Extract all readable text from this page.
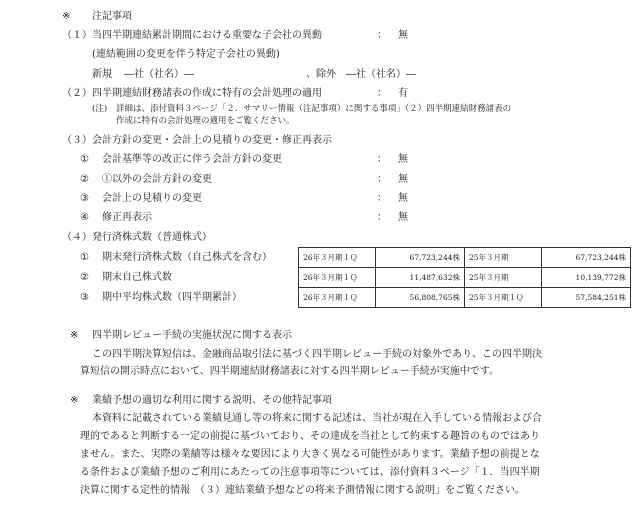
※ 注記事項
（１） 当四半期連結累計期間における重要な子会社の異動	： 無
(連結範囲の変更を伴う特定子会社の異動)
新規 ―社（社名）―	、除外 ―社（社名）―
（２） 四半期連結財務諸表の作成に特有の会計処理の適用	： 有
(注) 詳細は、添付資料３ページ「２．サマリー情報（注記事項）に関する事項」（２）四半期連結財務諸表の
作成に特有の会計処理の適用をご覧ください。
（３） 会計方針の変更・会計上の見積りの変更・修正再表示
① 会計基準等の改正に伴う会計方針の変更	： 無
② ①以外の会計方針の変更	： 無
③ 会計上の見積りの変更	： 無
④ 修正再表示	： 無
（４） 発行済株式数（普通株式）
① 期末発行済株式数（自己株式を含む）
② 期末自己株式数
③ 期中平均株式数（四半期累計）
26年３月期１Ｑ	67,723,244株	25年３月期	67,723,244株
26年３月期１Ｑ	11,487,632株	25年３月期	10,139,772株
26年３月期１Ｑ	56,808,765株	25年３月期１Ｑ	57,584,251株
※ 四半期レビュー手続の実施状況に関する表示
この四半期決算短信は、金融商品取引法に基づく四半期レビュー手続の対象外であり、この四半期決
算短信の開示時点において、四半期連結財務諸表に対する四半期レビュー手続が実施中です。
※ 業績予想の適切な利用に関する説明、その他特記事項
本資料に記載されている業績見通し等の将来に関する記述は、当社が現在入手している情報および合
理的であると判断する一定の前提に基づいており、その達成を当社として約束する趣旨のものではあり
ません。また、実際の業績等は様々な要因により大きく異なる可能性があります。業績予想の前提とな
る条件および業績予想のご利用にあたっての注意事項等については、添付資料３ページ「１．当四半期
決算に関する定性的情報　（３）連結業績予想などの将来予測情報に関する説明」をご覧ください。
